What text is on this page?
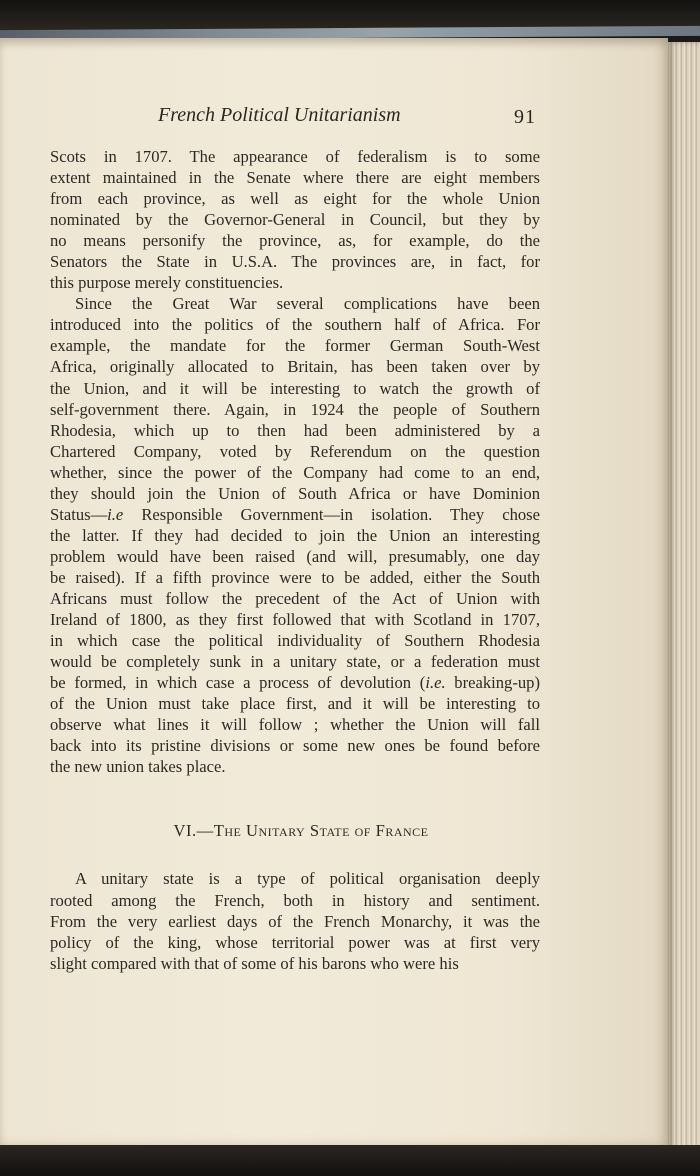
French Political Unitarianism	91

Scots in 1707. The appearance of federalism is to some

extent maintained in the Senate where there are eight members

from each province, as well as eight for the whole Union

nominated by the Governor-General in Council, but they by

no means personify the province, as, for example, do the

Senators the State in U.S.A. The provinces are, in fact, for

this purpose merely constituencies.

Since the Great War several complications have been

introduced into the politics of the southern half of Africa. For

example, the mandate for the former German South-West

Africa, originally allocated to Britain, has been taken over by

the Union, and it will be interesting to watch the growth of

self-government there. Again, in 1924 the people of Southern

Rhodesia, which up to then had been administered by a

Chartered Company, voted by Referendum on the question

whether, since the power of the Company had come to an end,

they should join the Union of South Africa or have Dominion

Status—i.e Responsible Government—in isolation. They chose

the latter. If they had decided to join the Union an interesting

problem would have been raised (and will, presumably, one day

be raised). If a fifth province were to be added, either the South

Africans must follow the precedent of the Act of Union with

Ireland of 1800, as they first followed that with Scotland in 1707,

in which case the political individuality of Southern Rhodesia

would be completely sunk in a unitary state, or a federation must

be formed, in which case a process of devolution (i.e. breaking-up)

of the Union must take place first, and it will be interesting to

observe what lines it will follow ; whether the Union will fall

back into its pristine divisions or some new ones be found before

the new union takes place.

VI.—The Unitary State of France

A unitary state is a type of political organisation deeply

rooted among the French, both in history and sentiment.

From the very earliest days of the French Monarchy, it was the

policy of the king, whose territorial power was at first very

slight compared with that of some of his barons who were his
